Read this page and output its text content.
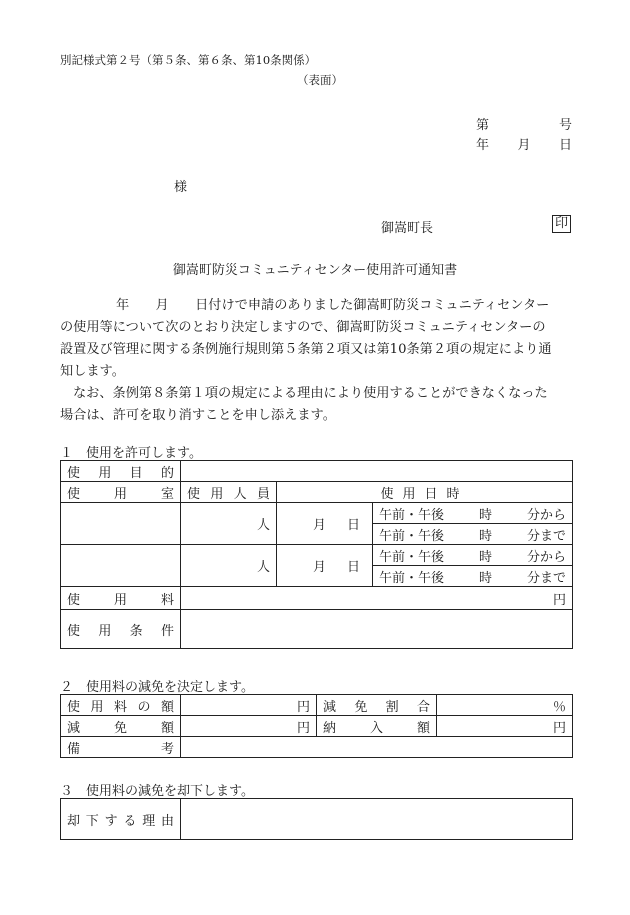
別記様式第２号（第５条、第６条、第10条関係）
（表面）
第	号
年 月 日
様
御嵩町長	印
御嵩町防災コミュニティセンター使用許可通知書
年　　月　　日付けで申請のありました御嵩町防災コミュニティセンター
の使用等について次のとおり決定しますので、御嵩町防災コミュニティセンターの
設置及び管理に関する条例施行規則第５条第２項又は第10条第２項の規定により通
知します。
なお、条例第８条第１項の規定による理由により使用することができなくなった
場合は、許可を取り消すことを申し添えます。
１　使用を許可します。
使用目的			
使用室	使用人員	使用日時	
	人	月 日	午前・午後 時 分から

			午前・午後 時 分まで

	人	月 日	午前・午後 時 分から

			午前・午後 時 分まで

使用料	円		
使用条件			
２　使用料の減免を決定します。
使用料の額	円	減免割合	％
減免額	円	納入額	円
備考			
３　使用料の減免を却下します。
却下する理由	
